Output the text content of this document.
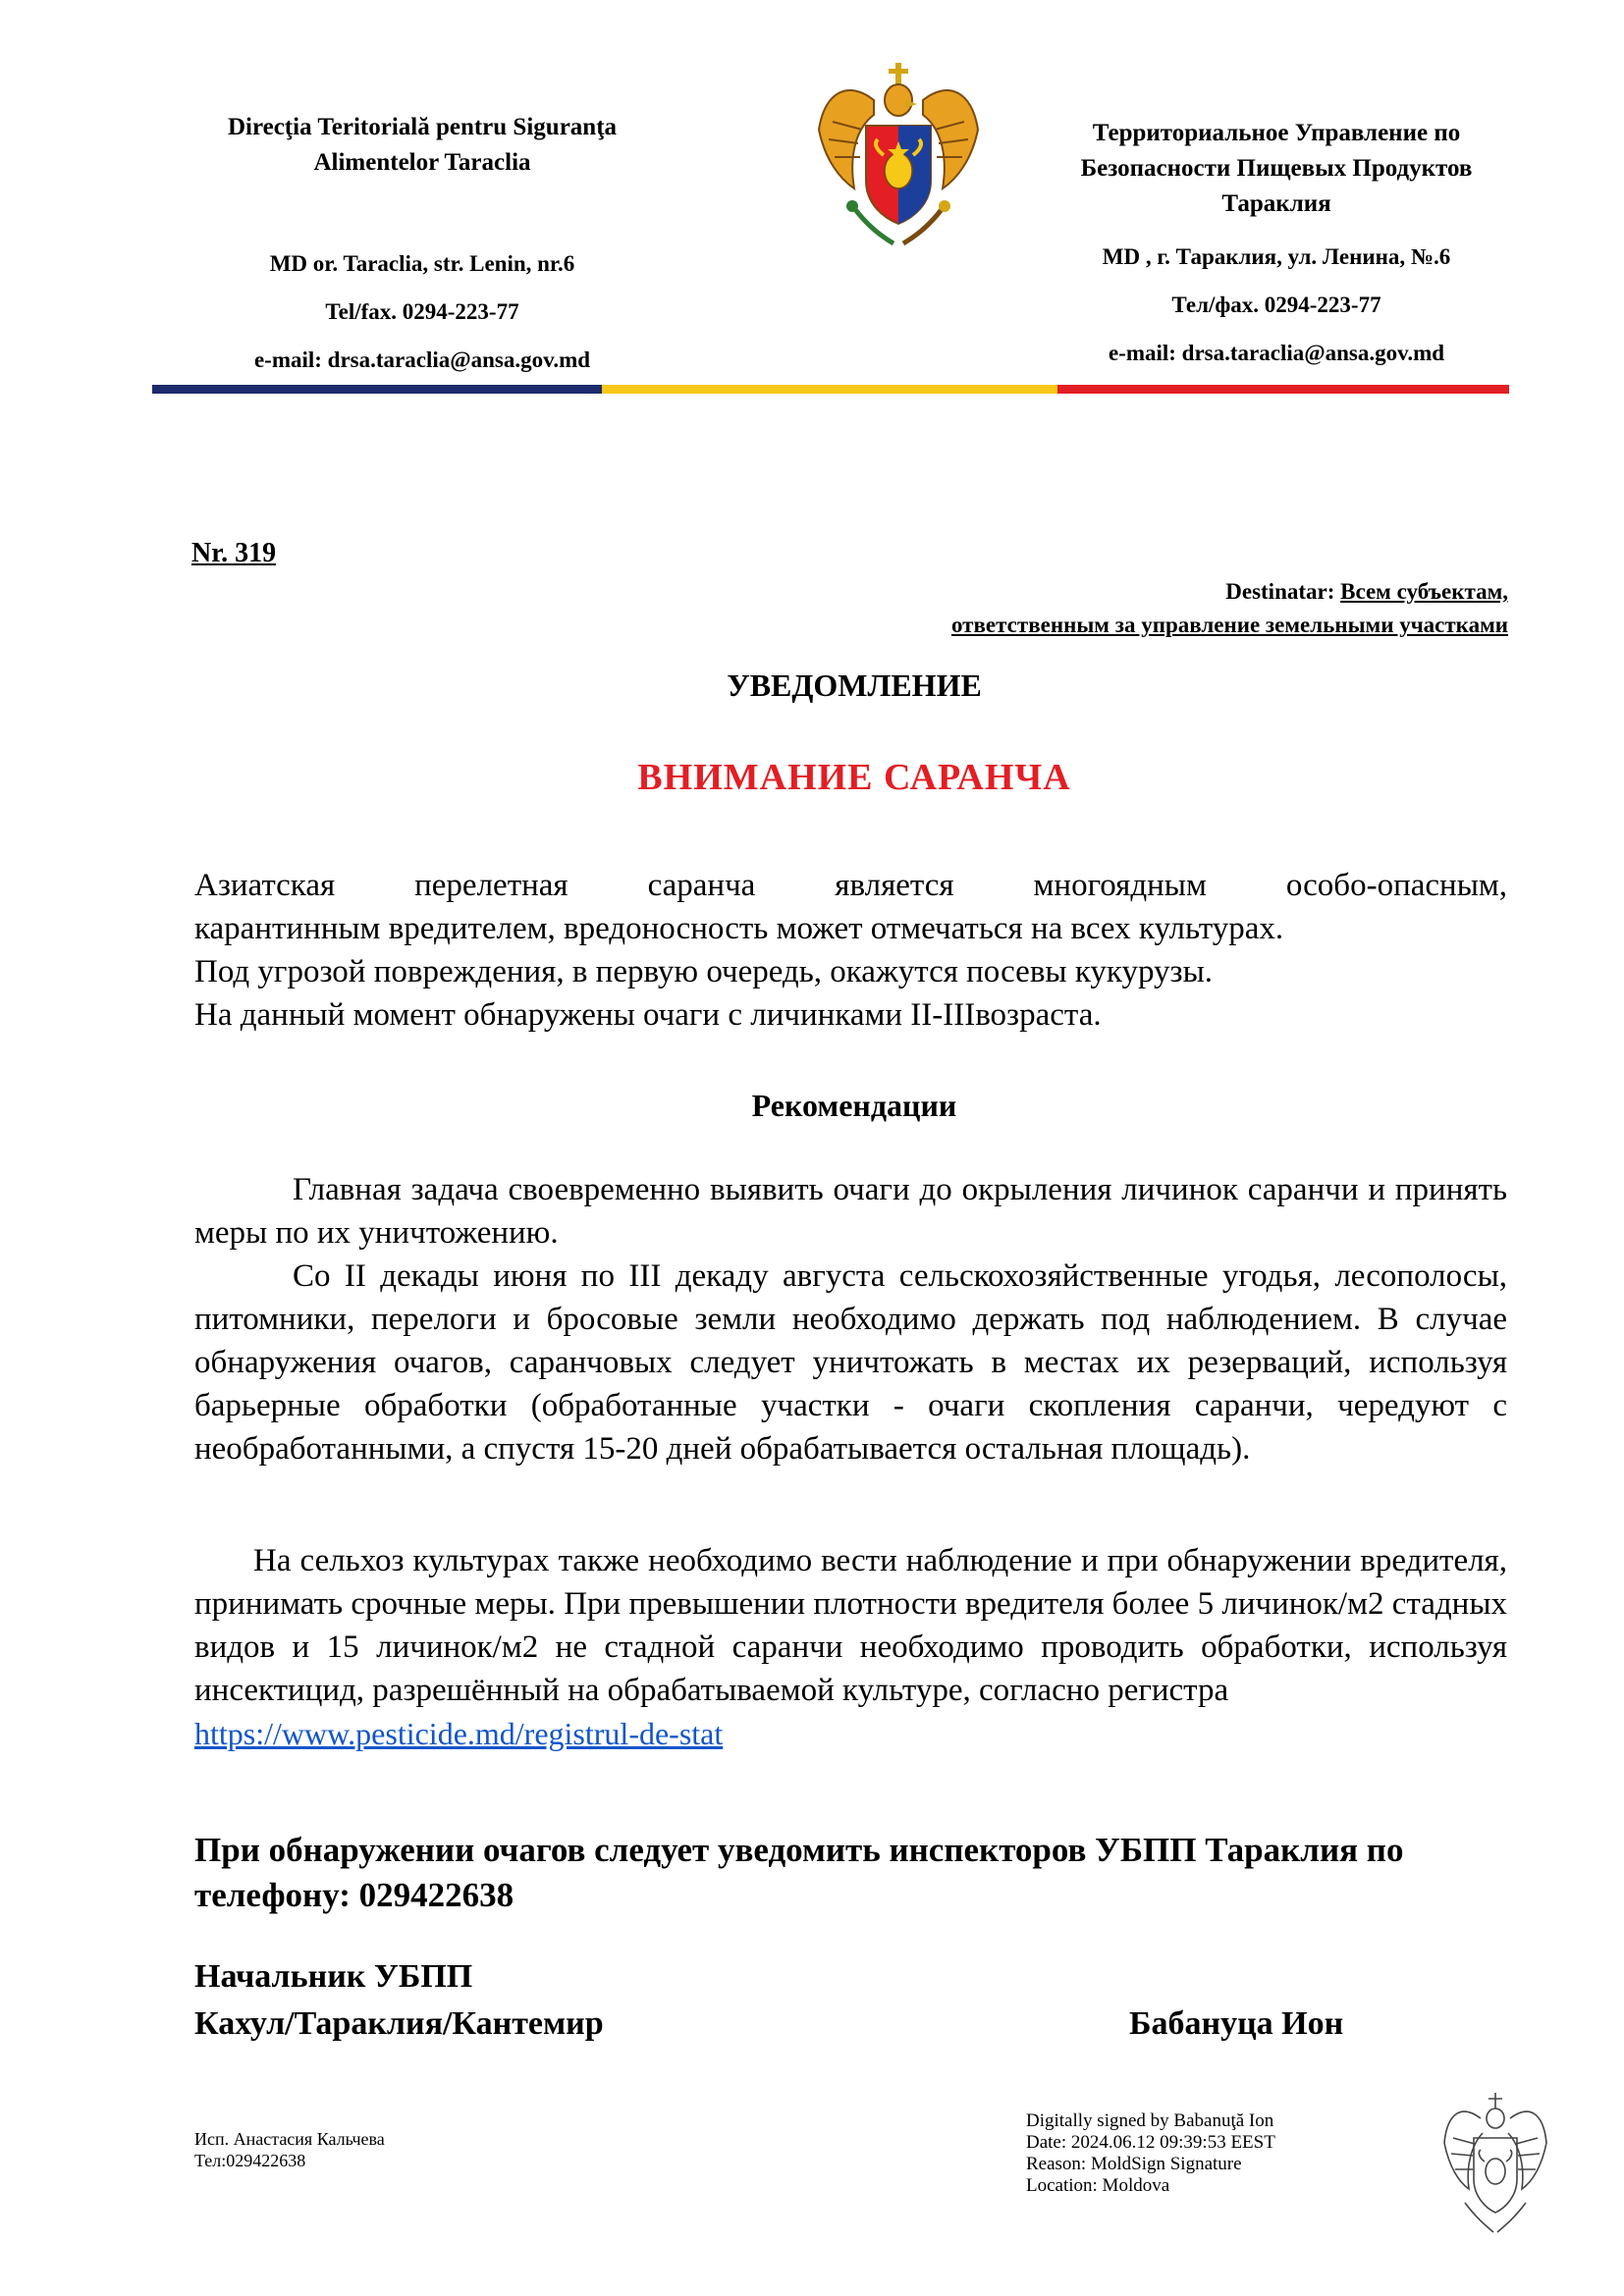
Direcţia Teritorială pentru Siguranţa

Alimentelor Taraclia

MD or. Taraclia, str. Lenin, nr.6
Tel/fax. 0294-223-77
e-mail: drsa.taraclia@ansa.gov.md

Территориальное Управление по

Безопасности Пищевых Продуктов

Тараклия

MD , г. Тараклия, ул. Ленина, №.6
Тел/фах. 0294-223-77
e-mail: drsa.taraclia@ansa.gov.md
Nr. 319
Destinatar: Всем субъектам,
ответственным за управление земельными участками
УВЕДОМЛЕНИЕ
ВНИМАНИЕ САРАНЧА
Азиатская перелетная саранча является многоядным особо-опасным,
карантинным вредителем, вредоносность может отмечаться на всех культурах.
Под угрозой повреждения, в первую очередь, окажутся посевы кукурузы.
На данный момент обнаружены очаги с личинками II-IIIвозраста.
Рекомендации
Главная задача своевременно выявить очаги до окрыления личинок саранчи и принять меры по их уничтожению.
Со II декады июня по III декаду августа сельскохозяйственные угодья, лесополосы, питомники, перелоги и бросовые земли необходимо держать под наблюдением. В случае обнаружения очагов, саранчовых следует уничтожать в местах их резерваций, используя барьерные обработки (обработанные участки - очаги скопления саранчи, чередуют с необработанными, а спустя 15-20 дней обрабатывается остальная площадь).
На сельхоз культурах также необходимо вести наблюдение и при обнаружении вредителя, принимать срочные меры. При превышении плотности вредителя более 5 личинок/м2 стадных видов и 15 личинок/м2 не стадной саранчи необходимо проводить обработки, используя инсектицид, разрешённый на обрабатываемой культуре, согласно регистра
https://www.pesticide.md/registrul-de-stat
При обнаружении очагов следует уведомить инспекторов УБПП Тараклия по телефону: 029422638
Начальник УБПП
Кахул/Тараклия/Кантемир	Бабануца Ион
Исп. Анастасия Кальчева
Тел:029422638
Digitally signed by Babanuţă Ion
Date: 2024.06.12 09:39:53 EEST
Reason: MoldSign Signature
Location: Moldova
